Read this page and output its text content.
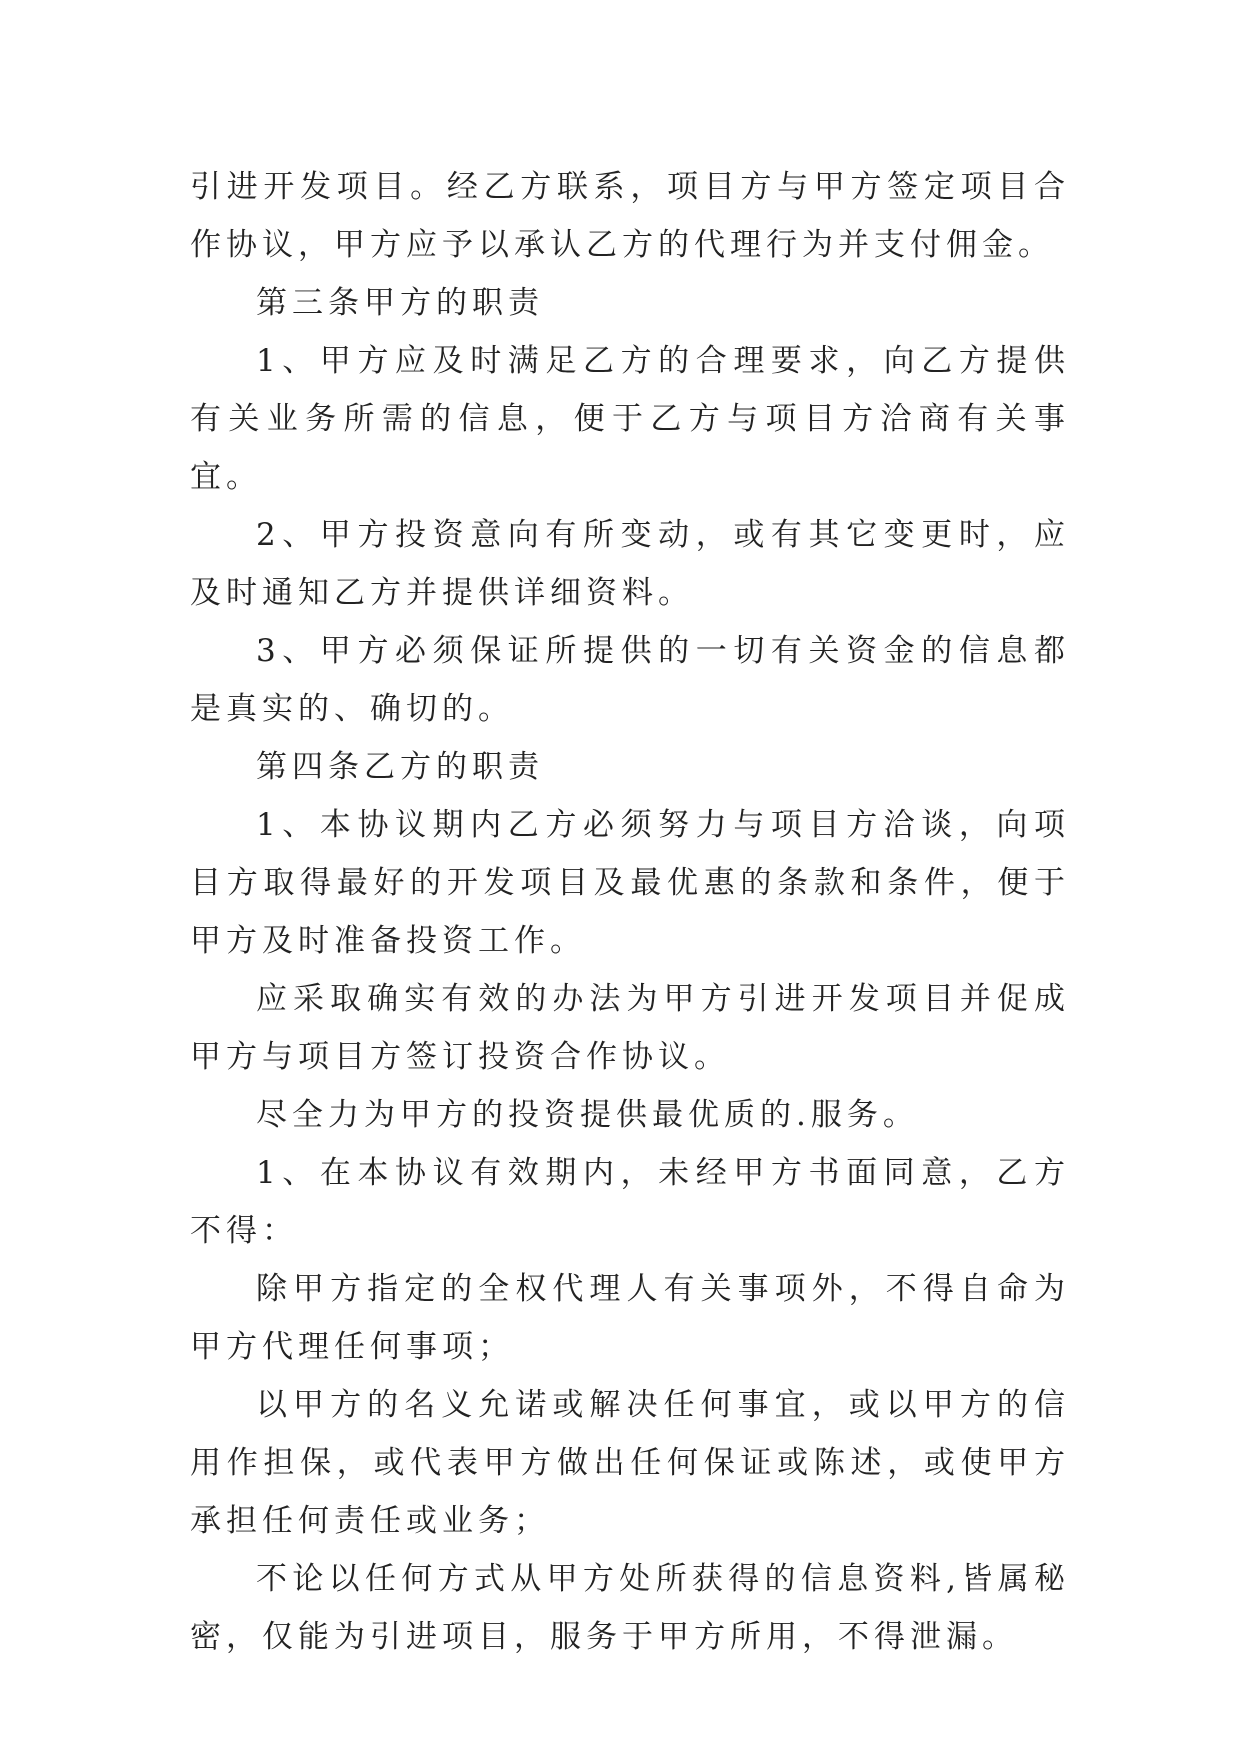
引进开发项目。经乙方联系，项目方与甲方签定项目合作协议，甲方应予以承认乙方的代理行为并支付佣金。

第三条甲方的职责

1、甲方应及时满足乙方的合理要求，向乙方提供有关业务所需的信息，便于乙方与项目方洽商有关事宜。

2、甲方投资意向有所变动，或有其它变更时，应及时通知乙方并提供详细资料。

3、甲方必须保证所提供的一切有关资金的信息都是真实的、确切的。

第四条乙方的职责

1、本协议期内乙方必须努力与项目方洽谈，向项目方取得最好的开发项目及最优惠的条款和条件，便于甲方及时准备投资工作。

应采取确实有效的办法为甲方引进开发项目并促成甲方与项目方签订投资合作协议。

尽全力为甲方的投资提供最优质的.服务。

1、在本协议有效期内，未经甲方书面同意，乙方不得：

除甲方指定的全权代理人有关事项外，不得自命为甲方代理任何事项；

以甲方的名义允诺或解决任何事宜，或以甲方的信用作担保，或代表甲方做出任何保证或陈述，或使甲方承担任何责任或业务；

不论以任何方式从甲方处所获得的信息资料,皆属秘密，仅能为引进项目，服务于甲方所用，不得泄漏。
